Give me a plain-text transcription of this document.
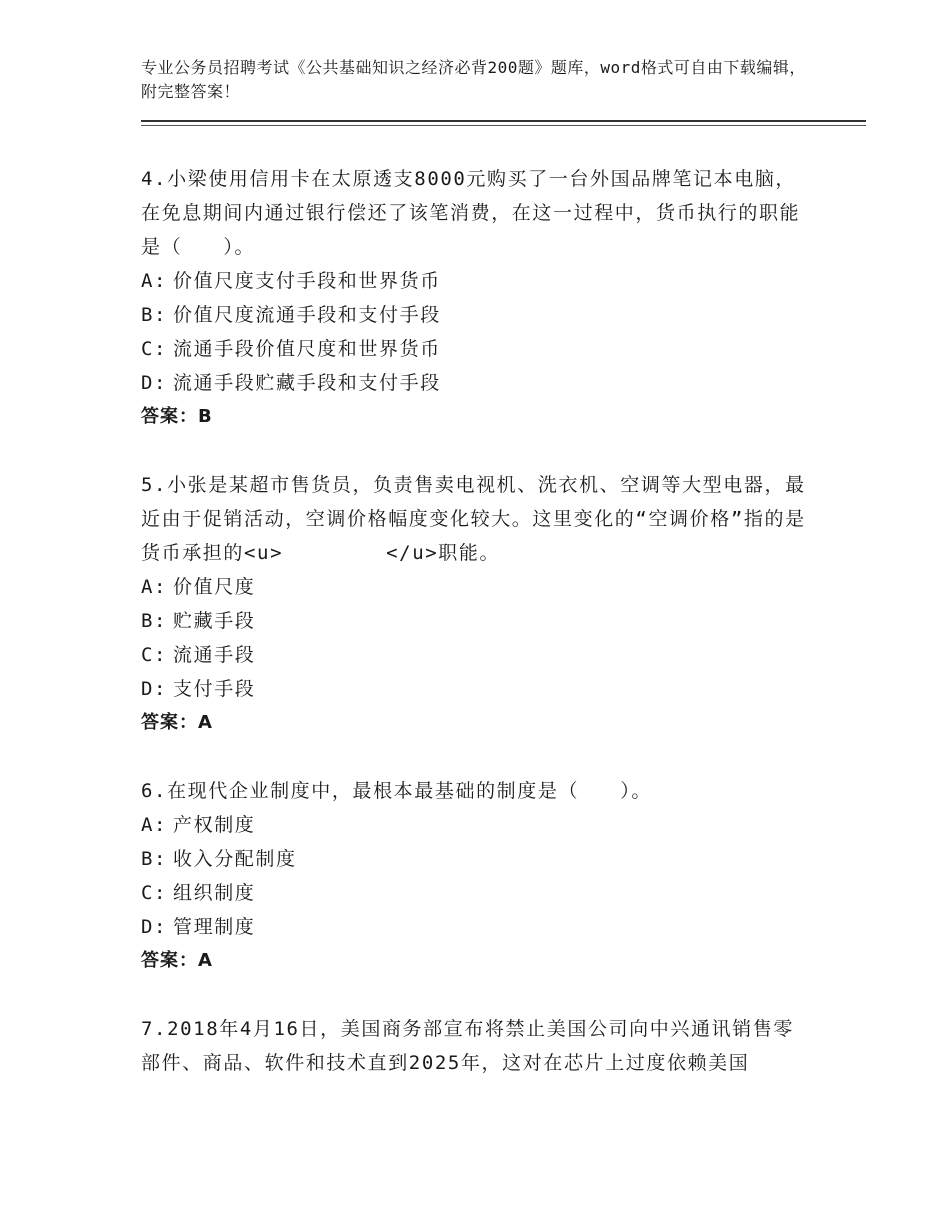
专业公务员招聘考试《公共基础知识之经济必背200题》题库，word格式可自由下载编辑，附完整答案！

4.小梁使用信用卡在太原透支8000元购买了一台外国品牌笔记本电脑，在免息期间内通过银行偿还了该笔消费，在这一过程中，货币执行的职能是（　　）。

A: 价值尺度支付手段和世界货币
B: 价值尺度流通手段和支付手段
C: 流通手段价值尺度和世界货币
D: 流通手段贮藏手段和支付手段
答案：B

5.小张是某超市售货员，负责售卖电视机、洗衣机、空调等大型电器，最近由于促销活动，空调价格幅度变化较大。这里变化的“空调价格”指的是货币承担的<u>　　　　　</u>职能。

A: 价值尺度
B: 贮藏手段
C: 流通手段
D: 支付手段
答案：A

6.在现代企业制度中，最根本最基础的制度是（　　）。

A: 产权制度
B: 收入分配制度
C: 组织制度
D: 管理制度
答案：A

7.2018年4月16日，美国商务部宣布将禁止美国公司向中兴通讯销售零部件、商品、软件和技术直到2025年，这对在芯片上过度依赖美国
